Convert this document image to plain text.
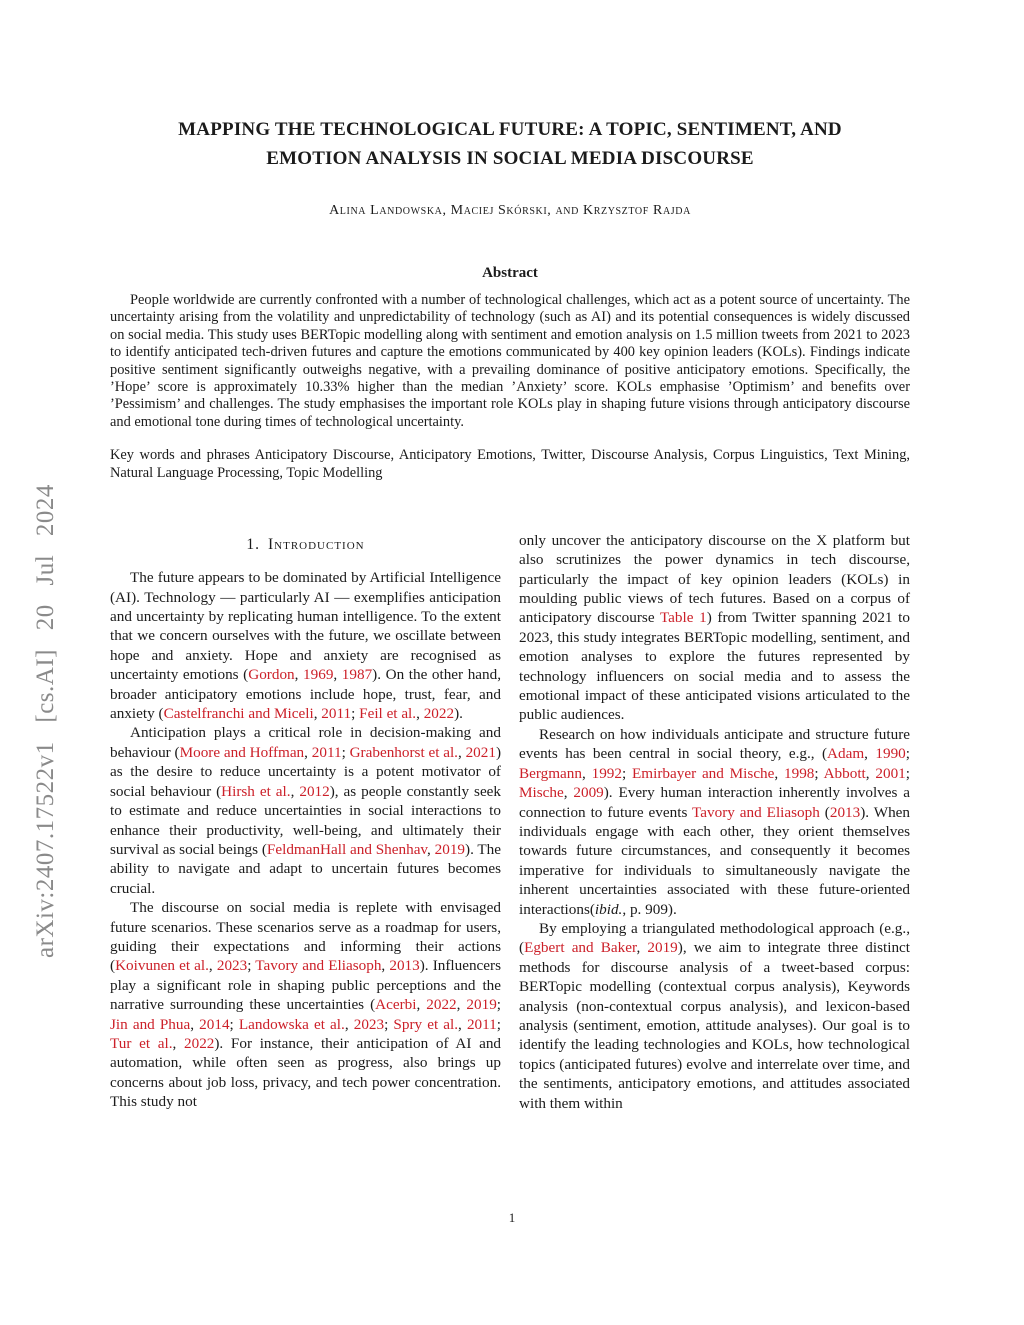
arXiv:2407.17522v1 [cs.AI] 20 Jul 2024
MAPPING THE TECHNOLOGICAL FUTURE: A TOPIC, SENTIMENT, AND EMOTION ANALYSIS IN SOCIAL MEDIA DISCOURSE
Alina Landowska, Maciej Skórski, and Krzysztof Rajda
Abstract

People worldwide are currently confronted with a number of technological challenges, which act as a potent source of uncertainty. The uncertainty arising from the volatility and unpredictability of technology (such as AI) and its potential consequences is widely discussed on social media. This study uses BERTopic modelling along with sentiment and emotion analysis on 1.5 million tweets from 2021 to 2023 to identify anticipated tech-driven futures and capture the emotions communicated by 400 key opinion leaders (KOLs). Findings indicate positive sentiment significantly outweighs negative, with a prevailing dominance of positive anticipatory emotions. Specifically, the ’Hope’ score is approximately 10.33% higher than the median ’Anxiety’ score. KOLs emphasise ’Optimism’ and benefits over ’Pessimism’ and challenges. The study emphasises the important role KOLs play in shaping future visions through anticipatory discourse and emotional tone during times of technological uncertainty.

Key words and phrases Anticipatory Discourse, Anticipatory Emotions, Twitter, Discourse Analysis, Corpus Linguistics, Text Mining, Natural Language Processing, Topic Modelling

1. Introduction

The future appears to be dominated by Artificial Intelligence (AI). Technology — particularly AI — exemplifies anticipation and uncertainty by replicating human intelligence. To the extent that we concern ourselves with the future, we oscillate between hope and anxiety. Hope and anxiety are recognised as uncertainty emotions (Gordon, 1969, 1987). On the other hand, broader anticipatory emotions include hope, trust, fear, and anxiety (Castelfranchi and Miceli, 2011; Feil et al., 2022).

Anticipation plays a critical role in decision-making and behaviour (Moore and Hoffman, 2011; Grabenhorst et al., 2021) as the desire to reduce uncertainty is a potent motivator of social behaviour (Hirsh et al., 2012), as people constantly seek to estimate and reduce uncertainties in social interactions to enhance their productivity, well-being, and ultimately their survival as social beings (FeldmanHall and Shenhav, 2019). The ability to navigate and adapt to uncertain futures becomes crucial.

The discourse on social media is replete with envisaged future scenarios. These scenarios serve as a roadmap for users, guiding their expectations and informing their actions (Koivunen et al., 2023; Tavory and Eliasoph, 2013). Influencers play a significant role in shaping public perceptions and the narrative surrounding these uncertainties (Acerbi, 2022, 2019; Jin and Phua, 2014; Landowska et al., 2023; Spry et al., 2011; Tur et al., 2022). For instance, their anticipation of AI and automation, while often seen as progress, also brings up concerns about job loss, privacy, and tech power concentration. This study not

only uncover the anticipatory discourse on the X platform but also scrutinizes the power dynamics in tech discourse, particularly the impact of key opinion leaders (KOLs) in moulding public views of tech futures. Based on a corpus of anticipatory discourse Table 1) from Twitter spanning 2021 to 2023, this study integrates BERTopic modelling, sentiment, and emotion analyses to explore the futures represented by technology influencers on social media and to assess the emotional impact of these anticipated visions articulated to the public audiences.

Research on how individuals anticipate and structure future events has been central in social theory, e.g., (Adam, 1990; Bergmann, 1992; Emirbayer and Mische, 1998; Abbott, 2001; Mische, 2009). Every human interaction inherently involves a connection to future events Tavory and Eliasoph (2013). When individuals engage with each other, they orient themselves towards future circumstances, and consequently it becomes imperative for individuals to simultaneously navigate the inherent uncertainties associated with these future-oriented interactions(ibid., p. 909).

By employing a triangulated methodological approach (e.g., (Egbert and Baker, 2019), we aim to integrate three distinct methods for discourse analysis of a tweet-based corpus: BERTopic modelling (contextual corpus analysis), Keywords analysis (non-contextual corpus analysis), and lexicon-based analysis (sentiment, emotion, attitude analyses). Our goal is to identify the leading technologies and KOLs, how technological topics (anticipated futures) evolve and interrelate over time, and the sentiments, anticipatory emotions, and attitudes associated with them within

1
